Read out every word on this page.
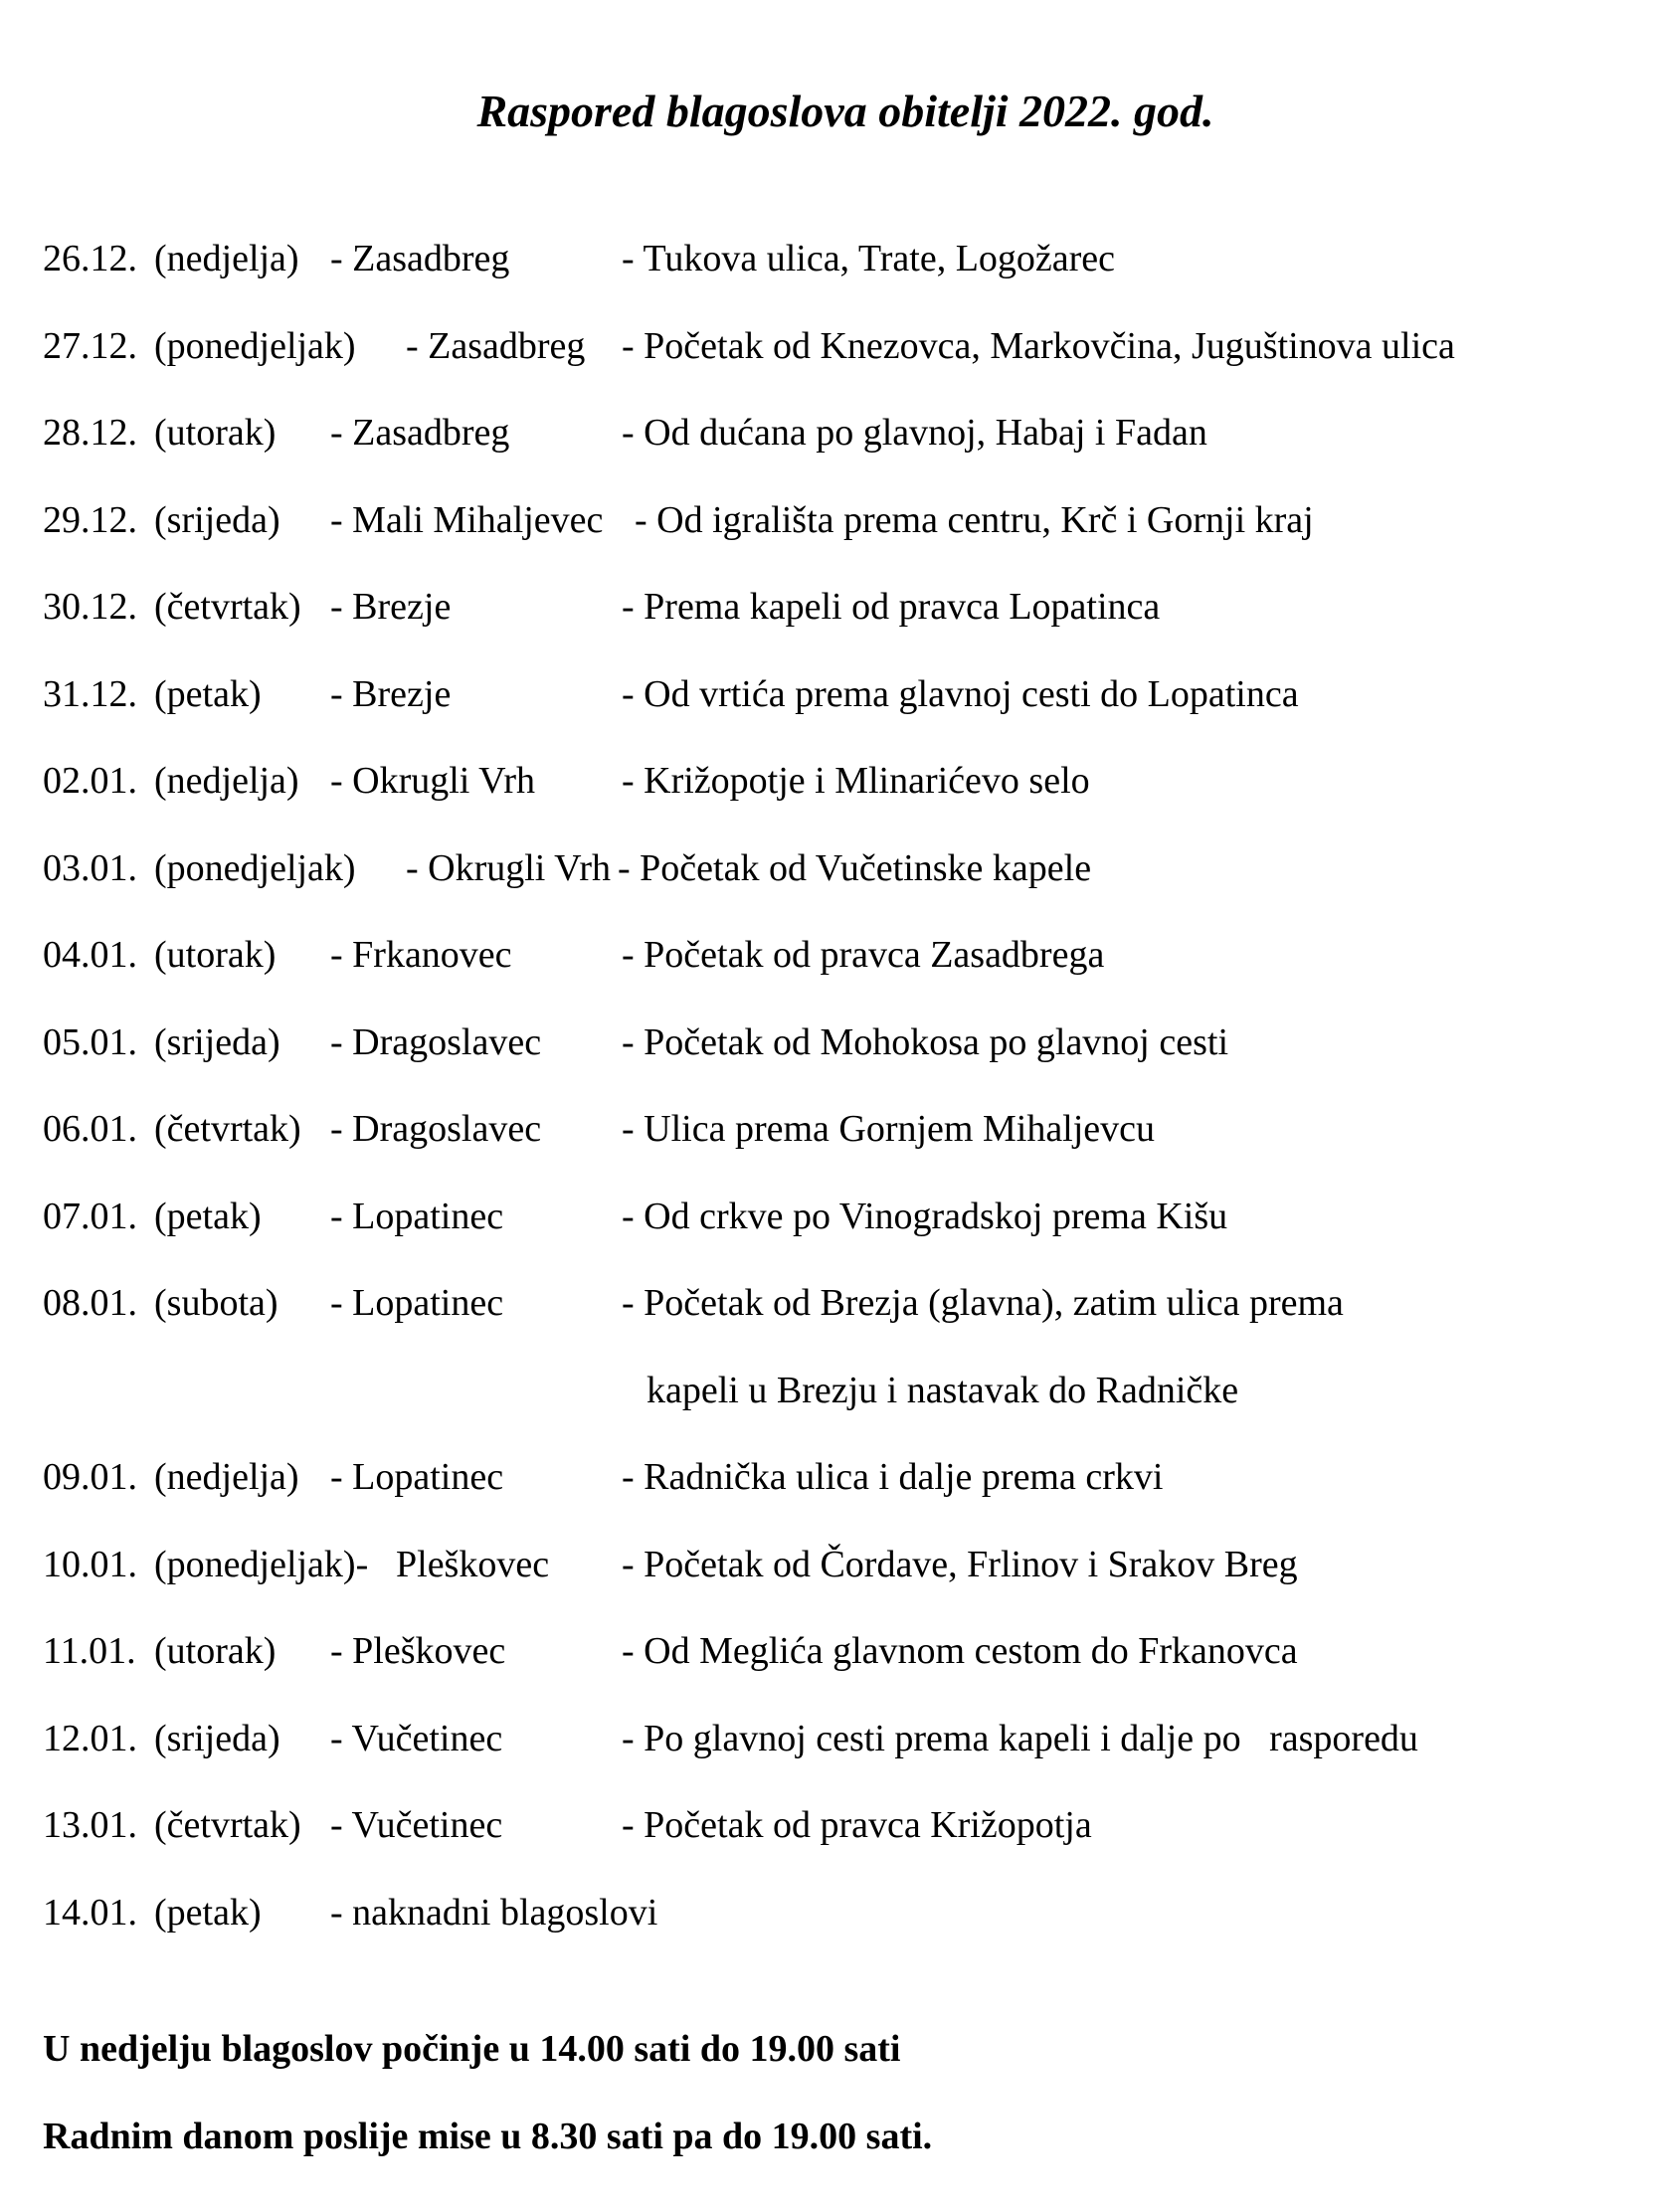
Raspored blagoslova obitelji 2022. god.
26.12. (nedjelja) - Zasadbreg	- Tukova ulica, Trate, Logožarec
27.12. (ponedjeljak) - Zasadbreg - Početak od Knezovca, Markovčina, Juguštinova ulica
28.12. (utorak) - Zasadbreg	- Od dućana po glavnoj, Habaj i Fadan
29.12. (srijeda) - Mali Mihaljevec - Od igrališta prema centru, Krč i Gornji kraj
30.12. (četvrtak) - Brezje	- Prema kapeli od pravca Lopatinca
31.12. (petak) - Brezje	- Od vrtića prema glavnoj cesti do Lopatinca
02.01. (nedjelja) - Okrugli Vrh - Križopotje i Mlinarićevo selo
03.01. (ponedjeljak) - Okrugli Vrh - Početak od Vučetinske kapele
04.01. (utorak) - Frkanovec	- Početak od pravca Zasadbrega
05.01. (srijeda) - Dragoslavec - Početak od Mohokosa po glavnoj cesti
06.01. (četvrtak) - Dragoslavec - Ulica prema Gornjem Mihaljevcu
07.01. (petak) - Lopatinec	- Od crkve po Vinogradskoj prema Kišu
08.01. (subota) - Lopatinec	- Početak od Brezja (glavna), zatim ulica prema
kapeli u Brezju i nastavak do Radničke
09.01. (nedjelja) - Lopatinec	- Radnička ulica i dalje prema crkvi
10.01. (ponedjeljak)- Pleškovec - Početak od Čordave, Frlinov i Srakov Breg
11.01. (utorak) - Pleškovec	- Od Meglića glavnom cestom do Frkanovca
12.01. (srijeda) - Vučetinec	- Po glavnoj cesti prema kapeli i dalje po   rasporedu
13.01. (četvrtak) - Vučetinec	- Početak od pravca Križopotja
14.01. (petak) - naknadni blagoslovi
U nedjelju blagoslov počinje u 14.00 sati do 19.00 sati
Radnim danom poslije mise u 8.30 sati pa do 19.00 sati.
